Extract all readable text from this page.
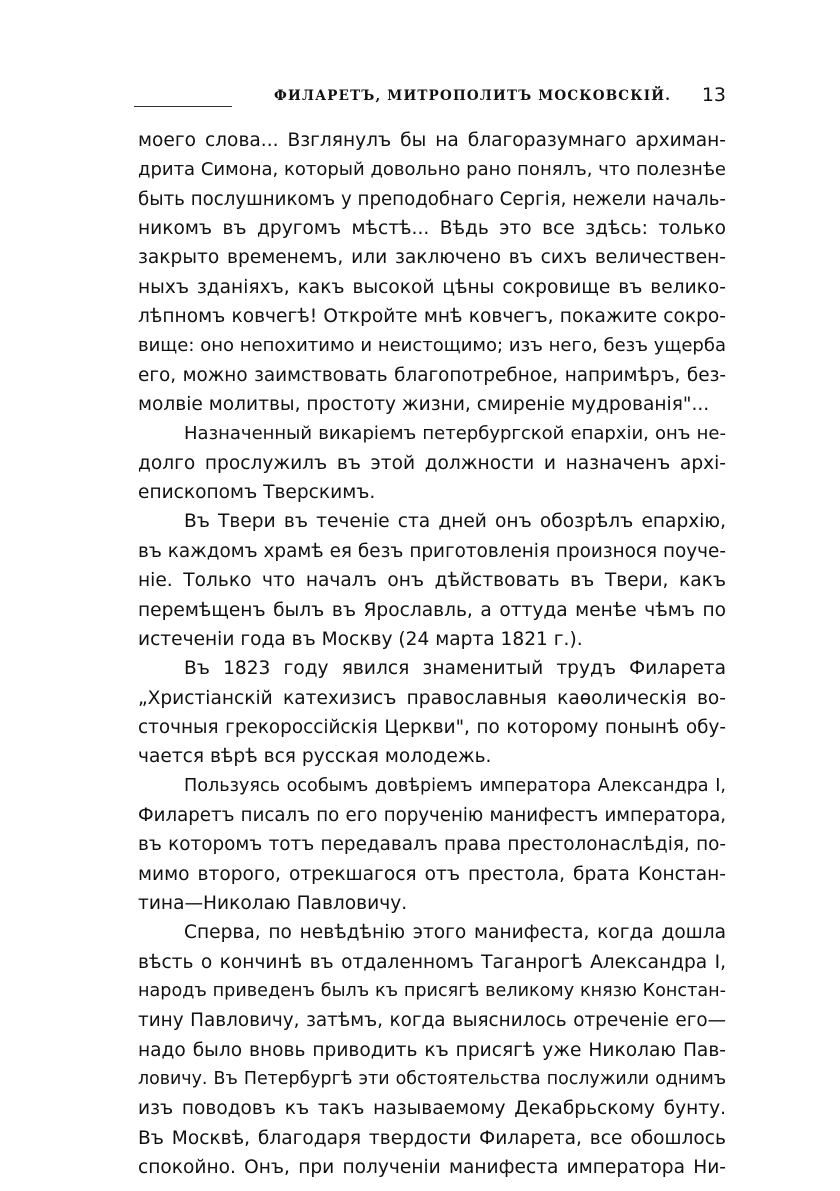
ФИЛАРЕТЪ, МИТРОПОЛИТЪ МОСКОВСКІЙ. 13
моего слова... Взглянулъ бы на благоразумнаго архиман-
дрита Симона, который довольно рано понялъ, что полезнѣе
быть послушникомъ у преподобнаго Сергія, нежели началь-
никомъ въ другомъ мѣстѣ... Вѣдь это все здѣсь: только
закрыто временемъ, или заключено въ сихъ величествен-
ныхъ зданіяхъ, какъ высокой цѣны сокровище въ велико-
лѣпномъ ковчегѣ! Откройте мнѣ ковчегъ, покажите сокро-
вище: оно непохитимо и неистощимо; изъ него, безъ ущерба
его, можно заимствовать благопотребное, напримѣръ, без-
молвіе молитвы, простоту жизни, смиреніе мудрованія"...
Назначенный викаріемъ петербургской епархіи, онъ не-
долго прослужилъ въ этой должности и назначенъ архі-
епископомъ Тверскимъ.
Въ Твери въ теченіе ста дней онъ обозрѣлъ епархію,
въ каждомъ храмѣ ея безъ приготовленія произнося поуче-
ніе. Только что началъ онъ дѣйствовать въ Твери, какъ
перемѣщенъ былъ въ Ярославль, а оттуда менѣе чѣмъ по
истеченіи года въ Москву (24 марта 1821 г.).
Въ 1823 году явился знаменитый трудъ Филарета
„Христіанскій катехизисъ православныя каѳолическія во-
сточныя грекороссійскія Церкви", по которому понынѣ обу-
чается вѣрѣ вся русская молодежь.
Пользуясь особымъ довѣріемъ императора Александра I,
Филаретъ писалъ по его порученію манифестъ императора,
въ которомъ тотъ передавалъ права престолонаслѣдія, по-
мимо второго, отрекшагося отъ престола, брата Констан-
тина—Николаю Павловичу.
Сперва, по невѣдѣнію этого манифеста, когда дошла
вѣсть о кончинѣ въ отдаленномъ Таганрогѣ Александра I,
народъ приведенъ былъ къ присягѣ великому князю Констан-
тину Павловичу, затѣмъ, когда выяснилось отреченіе его—
надо было вновь приводить къ присягѣ уже Николаю Пав-
ловичу. Въ Петербургѣ эти обстоятельства послужили однимъ
изъ поводовъ къ такъ называемому Декабрьскому бунту.
Въ Москвѣ, благодаря твердости Филарета, все обошлось
спокойно. Онъ, при полученіи манифеста императора Ни-
